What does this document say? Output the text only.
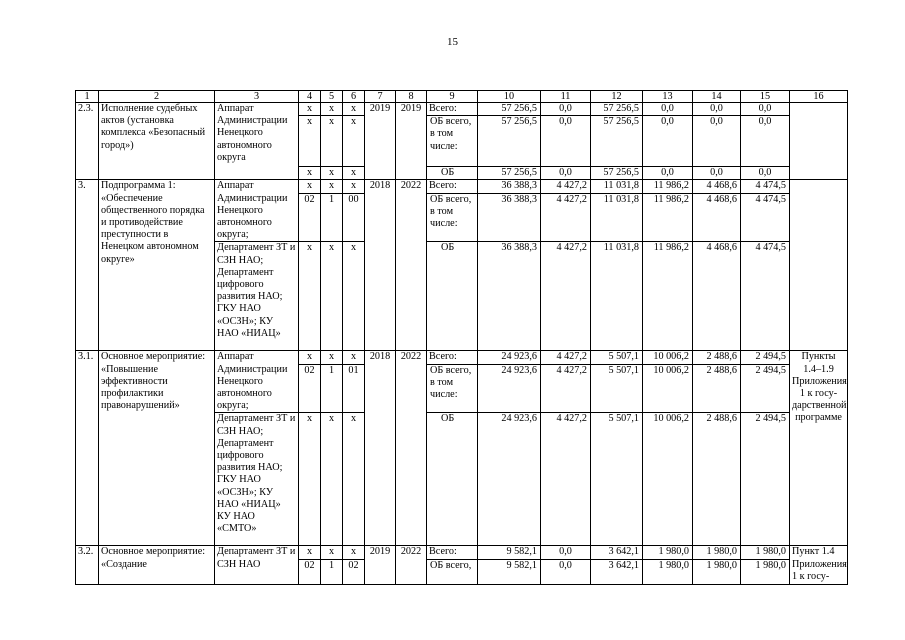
15
1	2	3	4	5	6	7	8	9	10	11	12	13	14	15	16
2.3.	Исполнение судебных актов (установка комплекса «Безопасный город»)	Аппарат Администрации Ненецкого автономного округа	x	x	x	2019	2019	Всего:	57 256,5	0,0	57 256,5	0,0	0,0	0,0	
			x	x	x			ОБ всего, в том числе:	57 256,5	0,0	57 256,5	0,0	0,0	0,0	
			x	x	x			ОБ	57 256,5	0,0	57 256,5	0,0	0,0	0,0	
3.	Подпрограмма 1: «Обеспечение общественного порядка и противодействие преступности в Ненецком автономном округе»	Аппарат Администрации Ненецкого автономного округа;	x	x	x	2018	2022	Всего:	36 388,3	4 427,2	11 031,8	11 986,2	4 468,6	4 474,5	
			02	1	00			ОБ всего, в том числе:	36 388,3	4 427,2	11 031,8	11 986,2	4 468,6	4 474,5	
		Департамент ЗТ и СЗН НАО; Департамент цифрового развития НАО; ГКУ НАО «ОСЗН»; КУ НАО «НИАЦ»	x	x	x			ОБ	36 388,3	4 427,2	11 031,8	11 986,2	4 468,6	4 474,5	
3.1.	Основное мероприятие: «Повышение эффективности профилактики правонарушений»	Аппарат Администрации Ненецкого автономного округа;	x	x	x	2018	2022	Всего:	24 923,6	4 427,2	5 507,1	10 006,2	2 488,6	2 494,5	Пункты 1.4–1.9 Приложения 1 к госу- дарственной программе
			02	1	01			ОБ всего, в том числе:	24 923,6	4 427,2	5 507,1	10 006,2	2 488,6	2 494,5	
		Департамент ЗТ и СЗН НАО; Департамент цифрового развития НАО; ГКУ НАО «ОСЗН»; КУ НАО «НИАЦ» КУ НАО «СМТО»	x	x	x			ОБ	24 923,6	4 427,2	5 507,1	10 006,2	2 488,6	2 494,5	
3.2.	Основное мероприятие: «Создание	Департамент ЗТ и СЗН НАО	x	x	x	2019	2022	Всего:	9 582,1	0,0	3 642,1	1 980,0	1 980,0	1 980,0	Пункт 1.4 Приложения 1 к госу-
			02	1	02			ОБ всего,	9 582,1	0,0	3 642,1	1 980,0	1 980,0	1 980,0	
